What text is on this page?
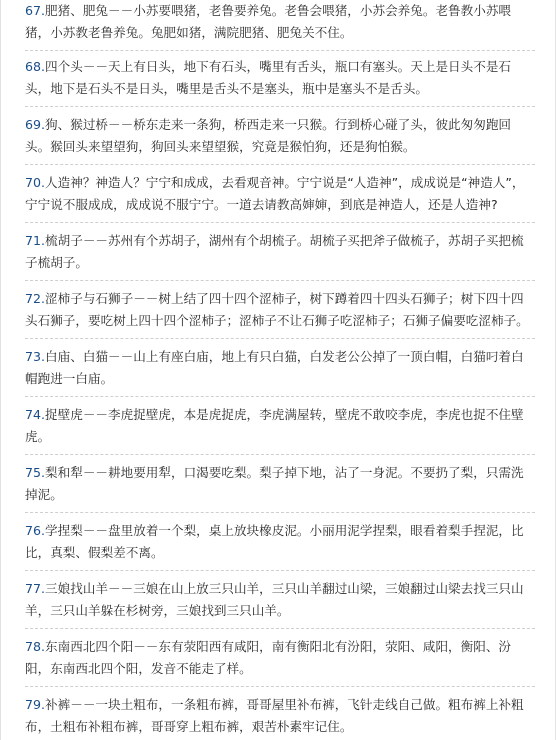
67.肥猪、肥兔－－小苏要喂猪，老鲁要养兔。老鲁会喂猪，小苏会养兔。老鲁教小苏喂猪，小苏教老鲁养兔。兔肥如猪，满院肥猪、肥兔关不住。
68.四个头－－天上有日头，地下有石头，嘴里有舌头，瓶口有塞头。天上是日头不是石头，地下是石头不是日头，嘴里是舌头不是塞头，瓶中是塞头不是舌头。
69.狗、猴过桥－－桥东走来一条狗，桥西走来一只猴。行到桥心碰了头，彼此匆匆跑回头。猴回头来望望狗，狗回头来望望猴，究竟是猴怕狗，还是狗怕猴。
70.人造神？神造人？宁宁和成成，去看观音神。宁宁说是“人造神”，成成说是“神造人”，宁宁说不服成成，成成说不服宁宁。一道去请教高婶婶，到底是神造人，还是人造神?
71.梳胡子－－苏州有个苏胡子，湖州有个胡梳子。胡梳子买把斧子做梳子，苏胡子买把梳子梳胡子。
72.涩柿子与石狮子－－树上结了四十四个涩柿子，树下蹲着四十四头石狮子；树下四十四头石狮子，要吃树上四十四个涩柿子；涩柿子不让石狮子吃涩柿子；石狮子偏要吃涩柿子。
73.白庙、白猫－－山上有座白庙，地上有只白猫，白发老公公掉了一顶白帽，白猫叼着白帽跑进一白庙。
74.捉壁虎－－李虎捉壁虎，本是虎捉虎，李虎满屋转，壁虎不敢咬李虎，李虎也捉不住壁虎。
75.梨和犁－－耕地要用犁，口渴要吃梨。梨子掉下地，沾了一身泥。不要扔了梨，只需洗掉泥。
76.学捏梨－－盘里放着一个梨，桌上放块橡皮泥。小丽用泥学捏梨，眼看着梨手捏泥，比比，真梨、假梨差不离。
77.三娘找山羊－－三娘在山上放三只山羊，三只山羊翻过山梁，三娘翻过山梁去找三只山羊，三只山羊躲在杉树旁，三娘找到三只山羊。
78.东南西北四个阳－－东有荥阳西有咸阳，南有衡阳北有汾阳，荥阳、咸阳，衡阳、汾阳，东南西北四个阳，发音不能走了样。
79.补裤－－一块土粗布，一条粗布裤，哥哥屋里补布裤，飞针走线自己做。粗布裤上补粗布，土粗布补粗布裤，哥哥穿上粗布裤，艰苦朴素牢记住。
